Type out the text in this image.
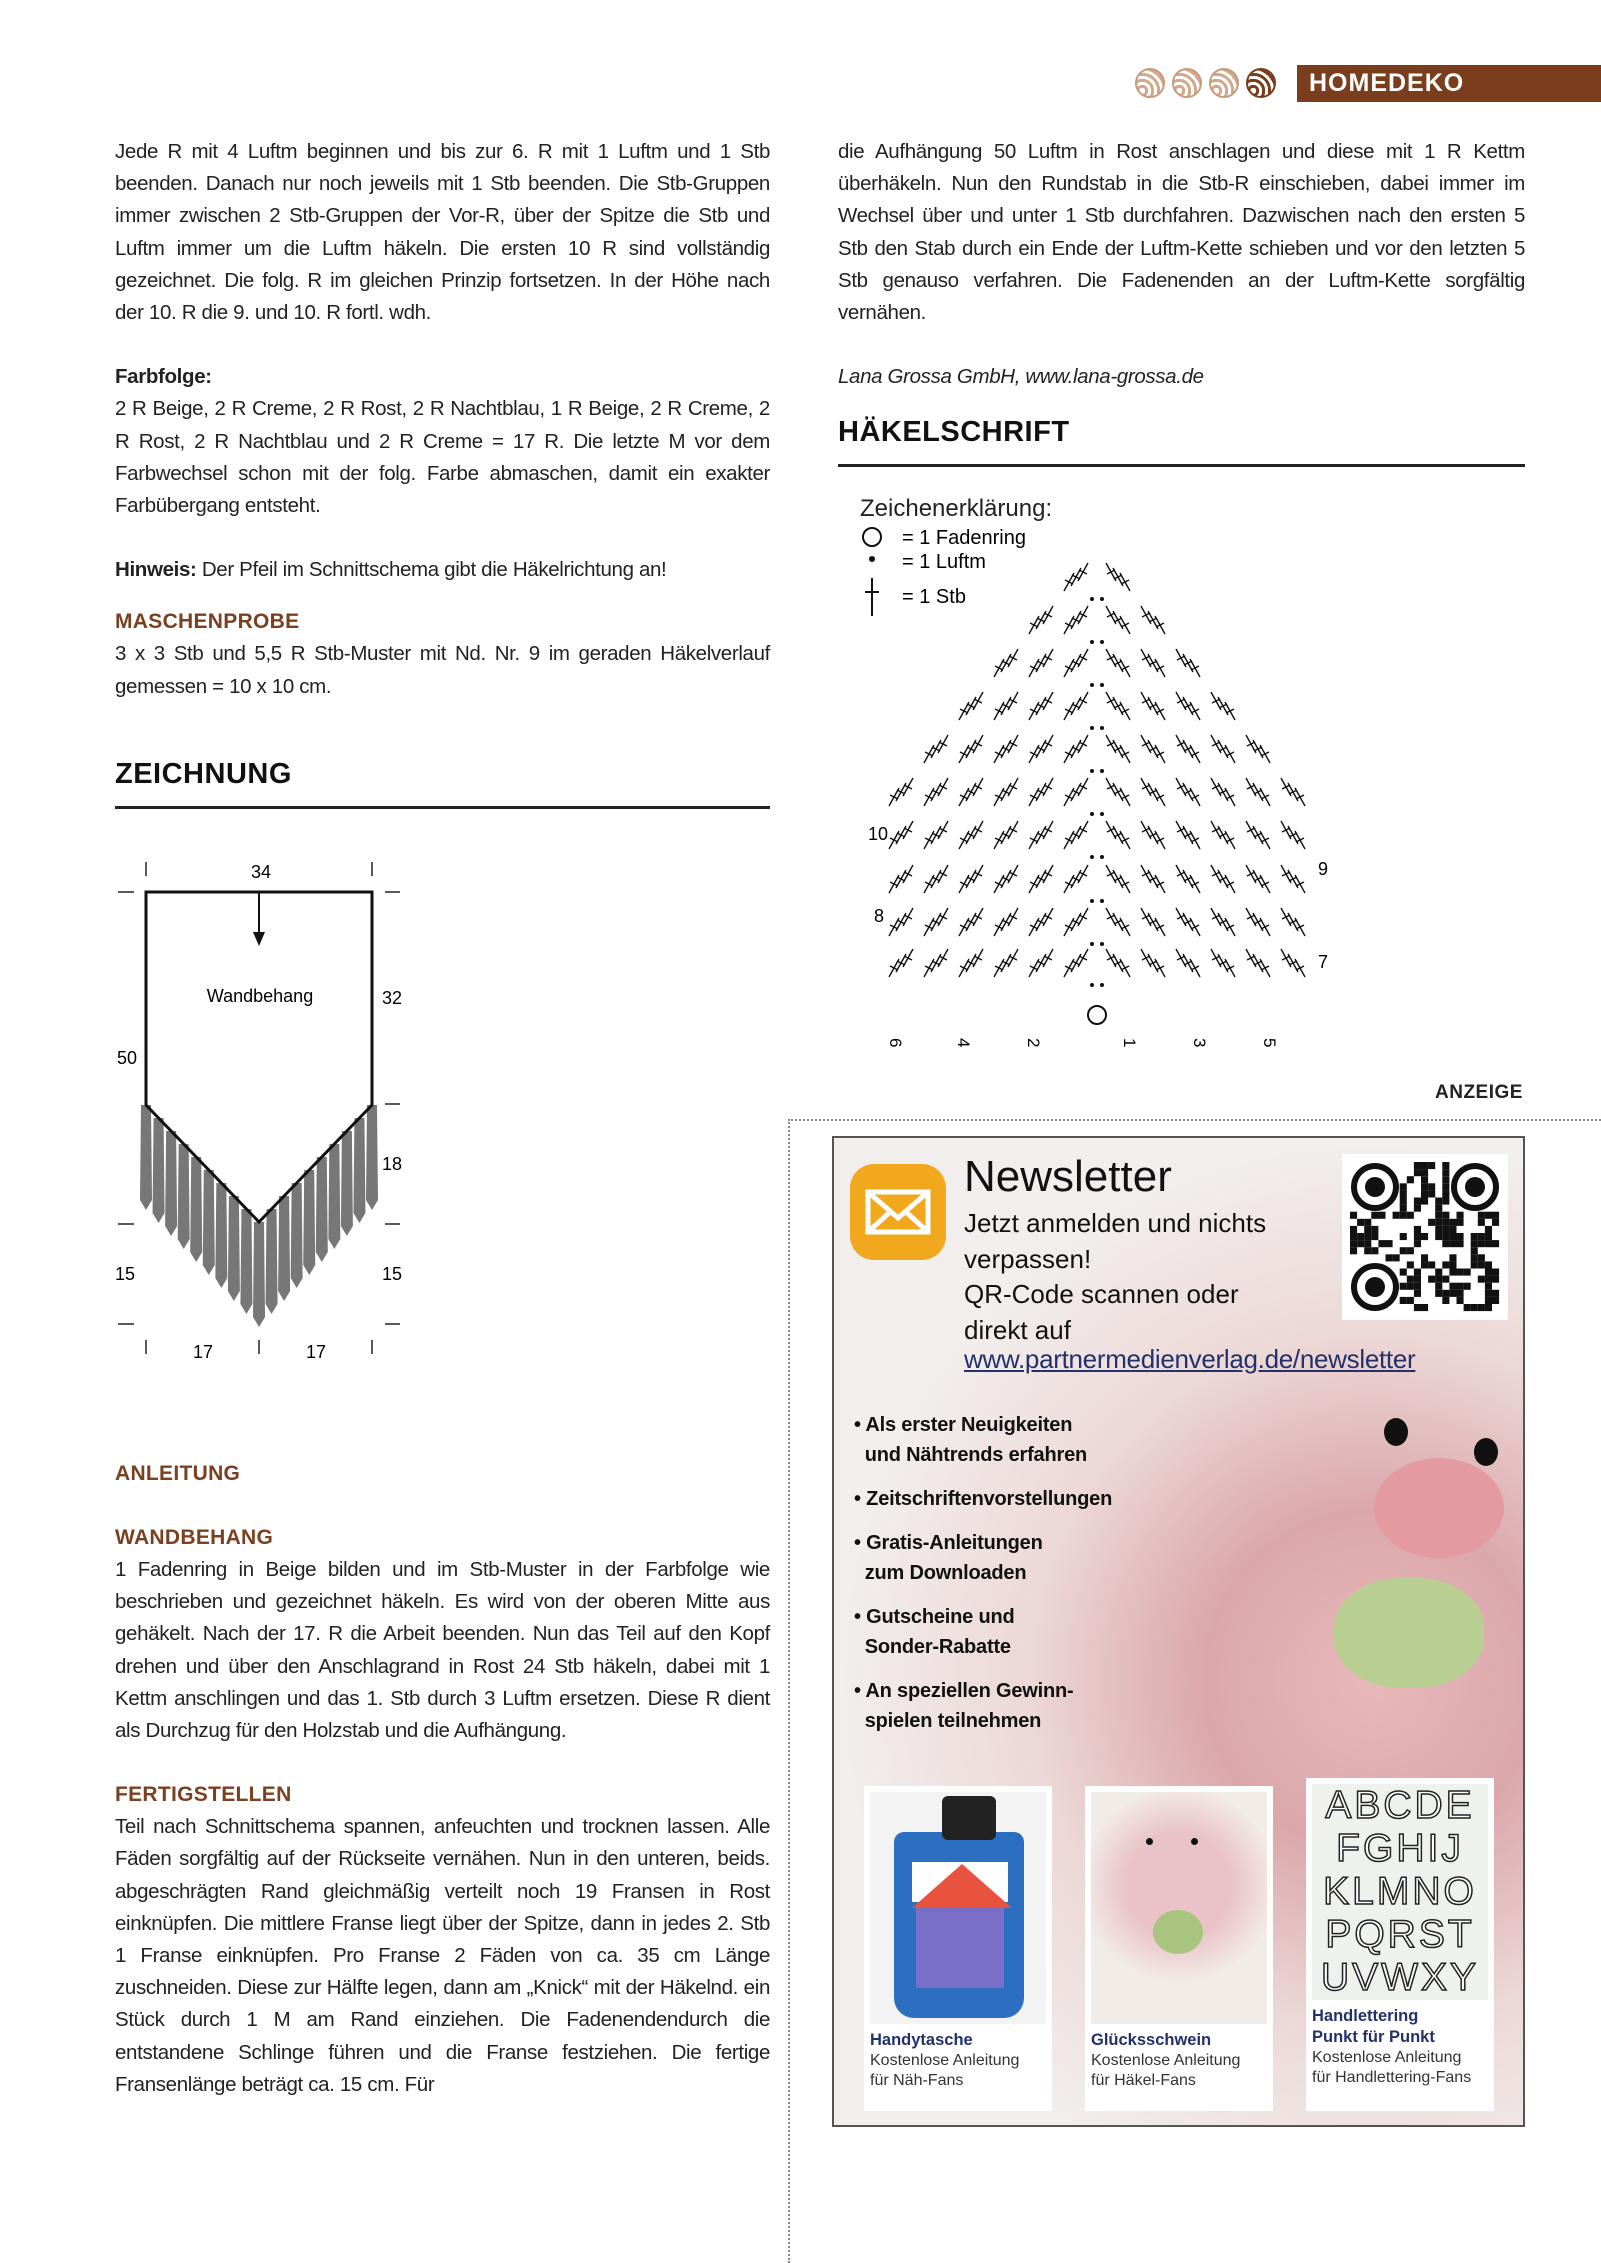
HOMEDEKO

Jede R mit 4 Luftm beginnen und bis zur 6. R mit 1 Luftm und 1 Stb beenden. Danach nur noch jeweils mit 1 Stb beenden. Die Stb-Gruppen immer zwischen 2 Stb-Gruppen der Vor-R, über der Spitze die Stb und Luftm immer um die Luftm häkeln. Die ersten 10 R sind vollständig gezeichnet. Die folg. R im gleichen Prinzip fortsetzen. In der Höhe nach der 10. R die 9. und 10. R fortl. wdh.

Farbfolge:

2 R Beige, 2 R Creme, 2 R Rost, 2 R Nachtblau, 1 R Beige, 2 R Creme, 2 R Rost, 2 R Nachtblau und 2 R Creme = 17 R. Die letzte M vor dem Farbwechsel schon mit der folg. Farbe abmaschen, damit ein exakter Farbübergang entsteht.

Hinweis: Der Pfeil im Schnittschema gibt die Häkelrichtung an!

MASCHENPROBE

3 x 3 Stb und 5,5 R Stb-Muster mit Nd. Nr. 9 im geraden Häkelverlauf gemessen = 10 x 10 cm.

ZEICHNUNG
34
Wandbehang
50
32
18
15	15
17	17
ANLEITUNG
WANDBEHANG

1 Fadenring in Beige bilden und im Stb-Muster in der Farbfolge wie beschrieben und gezeichnet häkeln. Es wird von der oberen Mitte aus gehäkelt. Nach der 17. R die Arbeit beenden. Nun das Teil auf den Kopf drehen und über den Anschlagrand in Rost 24 Stb häkeln, dabei mit 1 Kettm anschlingen und das 1. Stb durch 3 Luftm ersetzen. Diese R dient als Durchzug für den Holzstab und die Aufhängung.

FERTIGSTELLEN

Teil nach Schnittschema spannen, anfeuchten und trocknen lassen. Alle Fäden sorgfältig auf der Rückseite vernähen. Nun in den unteren, beids. abgeschrägten Rand gleichmäßig verteilt noch 19 Fransen in Rost einknüpfen. Die mittlere Franse liegt über der Spitze, dann in jedes 2. Stb 1 Franse einknüpfen. Pro Franse 2 Fäden von ca. 35 cm Länge zuschneiden. Diese zur Hälfte legen, dann am „Knick“ mit der Häkelnd. ein Stück durch 1 M am Rand einziehen. Die Fadenendendurch die entstandene Schlinge führen und die Franse festziehen. Die fertige Fransenlänge beträgt ca. 15 cm. Für

die Aufhängung 50 Luftm in Rost anschlagen und diese mit 1 R Kettm überhäkeln. Nun den Rundstab in die Stb-R einschieben, dabei immer im Wechsel über und unter 1 Stb durchfahren. Dazwischen nach den ersten 5 Stb den Stab durch ein Ende der Luftm-Kette schieben und vor den letzten 5 Stb genauso verfahren. Die Fadenenden an der Luftm-Kette sorgfältig vernähen.

Lana Grossa GmbH, www.lana-grossa.de

HÄKELSCHRIFT
Zeichenerklärung:
= 1 Fadenring
= 1 Luftm
= 1 Stb
10
8
9
7
6	4	2	1	3	5
ANZEIGE
Newsletter
Jetzt anmelden und nichts
verpassen!
QR-Code scannen oder
direkt auf
www.partnermedienverlag.de/newsletter
• Als erster Neuigkeiten
und Nähtrends erfahren
• Zeitschriftenvorstellungen
• Gratis-Anleitungen
zum Downloaden
• Gutscheine und
Sonder-Rabatte
• An speziellen Gewinn-
spielen teilnehmen
Handytasche
Kostenlose Anleitung
für Näh-Fans
Glücksschwein
Kostenlose Anleitung
für Häkel-Fans
ABCDE
FGHIJ
KLMNO
PQRST
UVWXY
Handlettering
Punkt für Punkt
Kostenlose Anleitung
für Handlettering-Fans
